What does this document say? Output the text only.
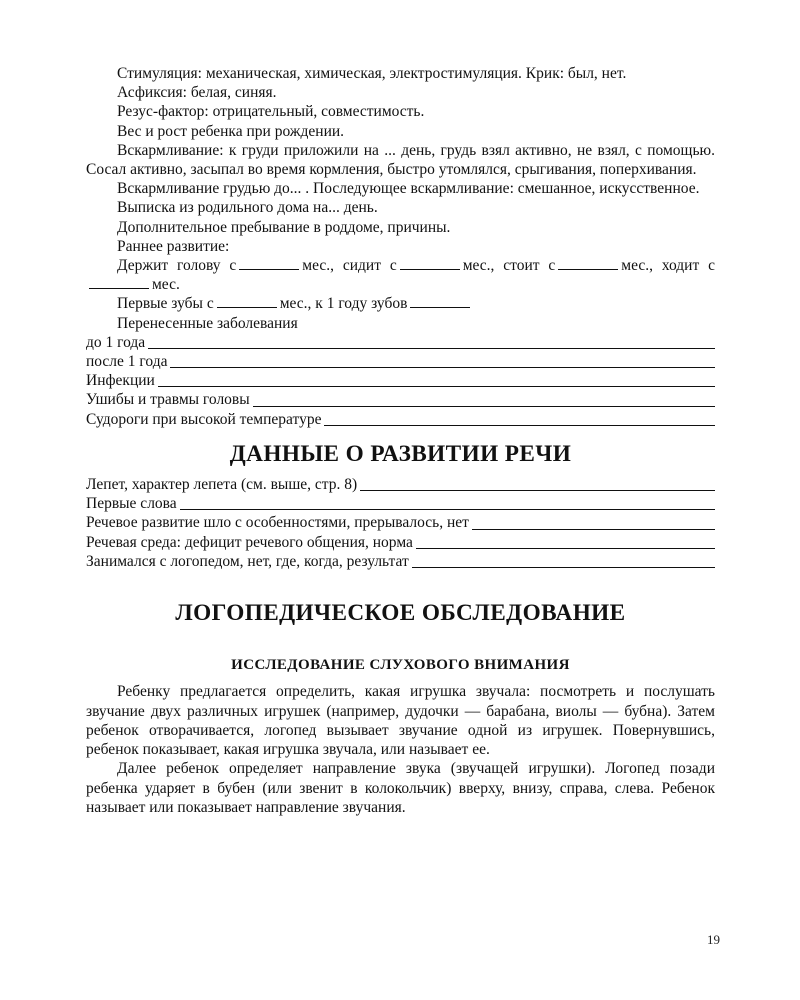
Стимуляция: механическая, химическая, электростимуляция. Крик: был, нет.

Асфиксия: белая, синяя.

Резус-фактор: отрицательный, совместимость.

Вес и рост ребенка при рождении.

Вскармливание: к груди приложили на ... день, грудь взял активно, не взял, с помощью. Сосал активно, засыпал во время кормления, быстро утомлялся, срыгивания, поперхивания.

Вскармливание грудью до... . Последующее вскармливание: смешанное, искусственное.

Выписка из родильного дома на... день.

Дополнительное пребывание в роддоме, причины.

Раннее развитие:

Держит голову с	мес., сидит с	мес., стоит с	мес., ходит смес.

Первые зубы с	мес., к 1 году зубов

Перенесенные заболевания

до 1 года
после 1 года
Инфекции
Ушибы и травмы головы
Судороги при высокой температуре
ДАННЫЕ О РАЗВИТИИ РЕЧИ
Лепет, характер лепета (см. выше, стр. 8)
Первые слова
Речевое развитие шло с особенностями, прерывалось, нет
Речевая среда: дефицит речевого общения, норма
Занимался с логопедом, нет, где, когда, результат
ЛОГОПЕДИЧЕСКОЕ ОБСЛЕДОВАНИЕ
ИССЛЕДОВАНИЕ СЛУХОВОГО ВНИМАНИЯ

Ребенку предлагается определить, какая игрушка звучала: посмотреть и послушать звучание двух различных игрушек (например, дудочки — барабана, виолы — бубна). Затем ребенок отворачивается, логопед вызывает звучание одной из игрушек. Повернувшись, ребенок показывает, какая игрушка звучала, или называет ее.

Далее ребенок определяет направление звука (звучащей игрушки). Логопед позади ребенка ударяет в бубен (или звенит в колокольчик) вверху, внизу, справа, слева. Ребенок называет или показывает направление звучания.

19
